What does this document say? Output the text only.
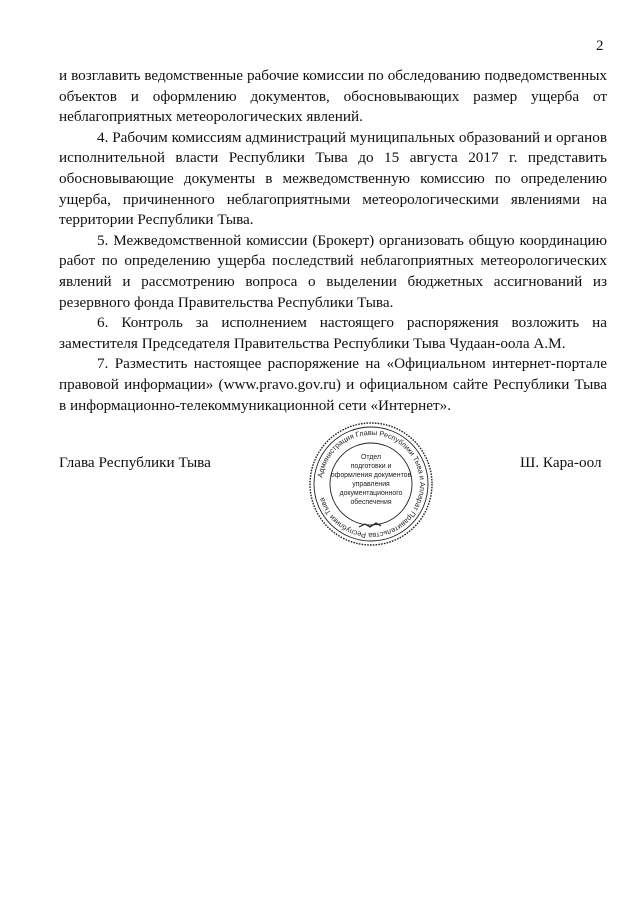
2

и возглавить ведомственные рабочие комиссии по обследованию подведомственных объектов и оформлению документов, обосновывающих размер ущерба от неблагоприятных метеорологических явлений.

4. Рабочим комиссиям администраций муниципальных образований и органов исполнительной власти Республики Тыва до 15 августа 2017 г. представить обосновывающие документы в межведомственную комиссию по определению ущерба, причиненного неблагоприятными метеорологическими явлениями на территории Республики Тыва.

5. Межведомственной комиссии (Брокерт) организовать общую координацию работ по определению ущерба последствий неблагоприятных метеорологических явлений и рассмотрению вопроса о выделении бюджетных ассигнований из резервного фонда Правительства Республики Тыва.

6. Контроль за исполнением настоящего распоряжения возложить на заместителя Председателя Правительства Республики Тыва Чудаан-оола А.М.

7. Разместить настоящее распоряжение на «Официальном интернет-портале правовой информации» (www.pravo.gov.ru) и официальном сайте Республики Тыва в информационно-телекоммуникационной сети «Интернет».

Глава Республики Тыва
Администрация Главы Республики Тыва и Аппарат Правительства Республики Тыва
Отдел
подготовки и
оформления документов
управления
документационного
обеспечения
Ш. Кара-оол
